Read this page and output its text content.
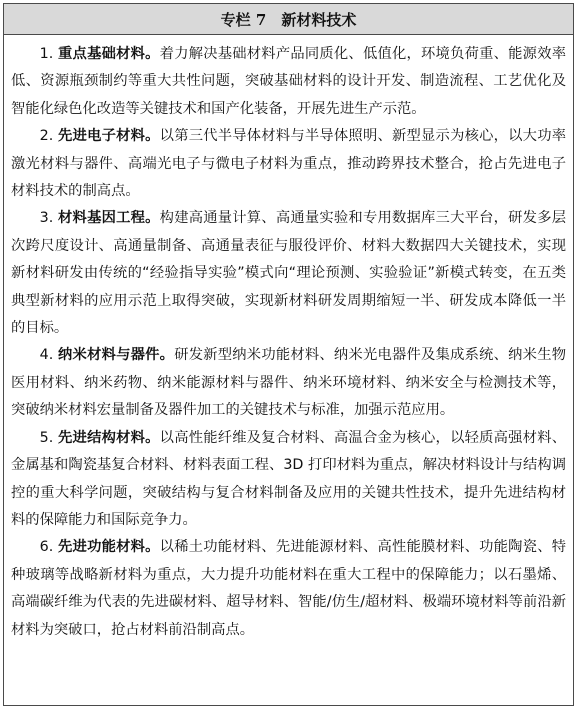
专栏 7　新材料技术

1. 重点基础材料。着力解决基础材料产品同质化、低值化，环境负荷重、能源效率低、资源瓶颈制约等重大共性问题，突破基础材料的设计开发、制造流程、工艺优化及智能化绿色化改造等关键技术和国产化装备，开展先进生产示范。

2. 先进电子材料。以第三代半导体材料与半导体照明、新型显示为核心，以大功率激光材料与器件、高端光电子与微电子材料为重点，推动跨界技术整合，抢占先进电子材料技术的制高点。

3. 材料基因工程。构建高通量计算、高通量实验和专用数据库三大平台，研发多层次跨尺度设计、高通量制备、高通量表征与服役评价、材料大数据四大关键技术，实现新材料研发由传统的“经验指导实验”模式向“理论预测、实验验证”新模式转变，在五类典型新材料的应用示范上取得突破，实现新材料研发周期缩短一半、研发成本降低一半的目标。

4. 纳米材料与器件。研发新型纳米功能材料、纳米光电器件及集成系统、纳米生物医用材料、纳米药物、纳米能源材料与器件、纳米环境材料、纳米安全与检测技术等，突破纳米材料宏量制备及器件加工的关键技术与标准，加强示范应用。

5. 先进结构材料。以高性能纤维及复合材料、高温合金为核心，以轻质高强材料、金属基和陶瓷基复合材料、材料表面工程、3D 打印材料为重点，解决材料设计与结构调控的重大科学问题，突破结构与复合材料制备及应用的关键共性技术，提升先进结构材料的保障能力和国际竞争力。

6. 先进功能材料。以稀土功能材料、先进能源材料、高性能膜材料、功能陶瓷、特种玻璃等战略新材料为重点，大力提升功能材料在重大工程中的保障能力；以石墨烯、高端碳纤维为代表的先进碳材料、超导材料、智能/仿生/超材料、极端环境材料等前沿新材料为突破口，抢占材料前沿制高点。
